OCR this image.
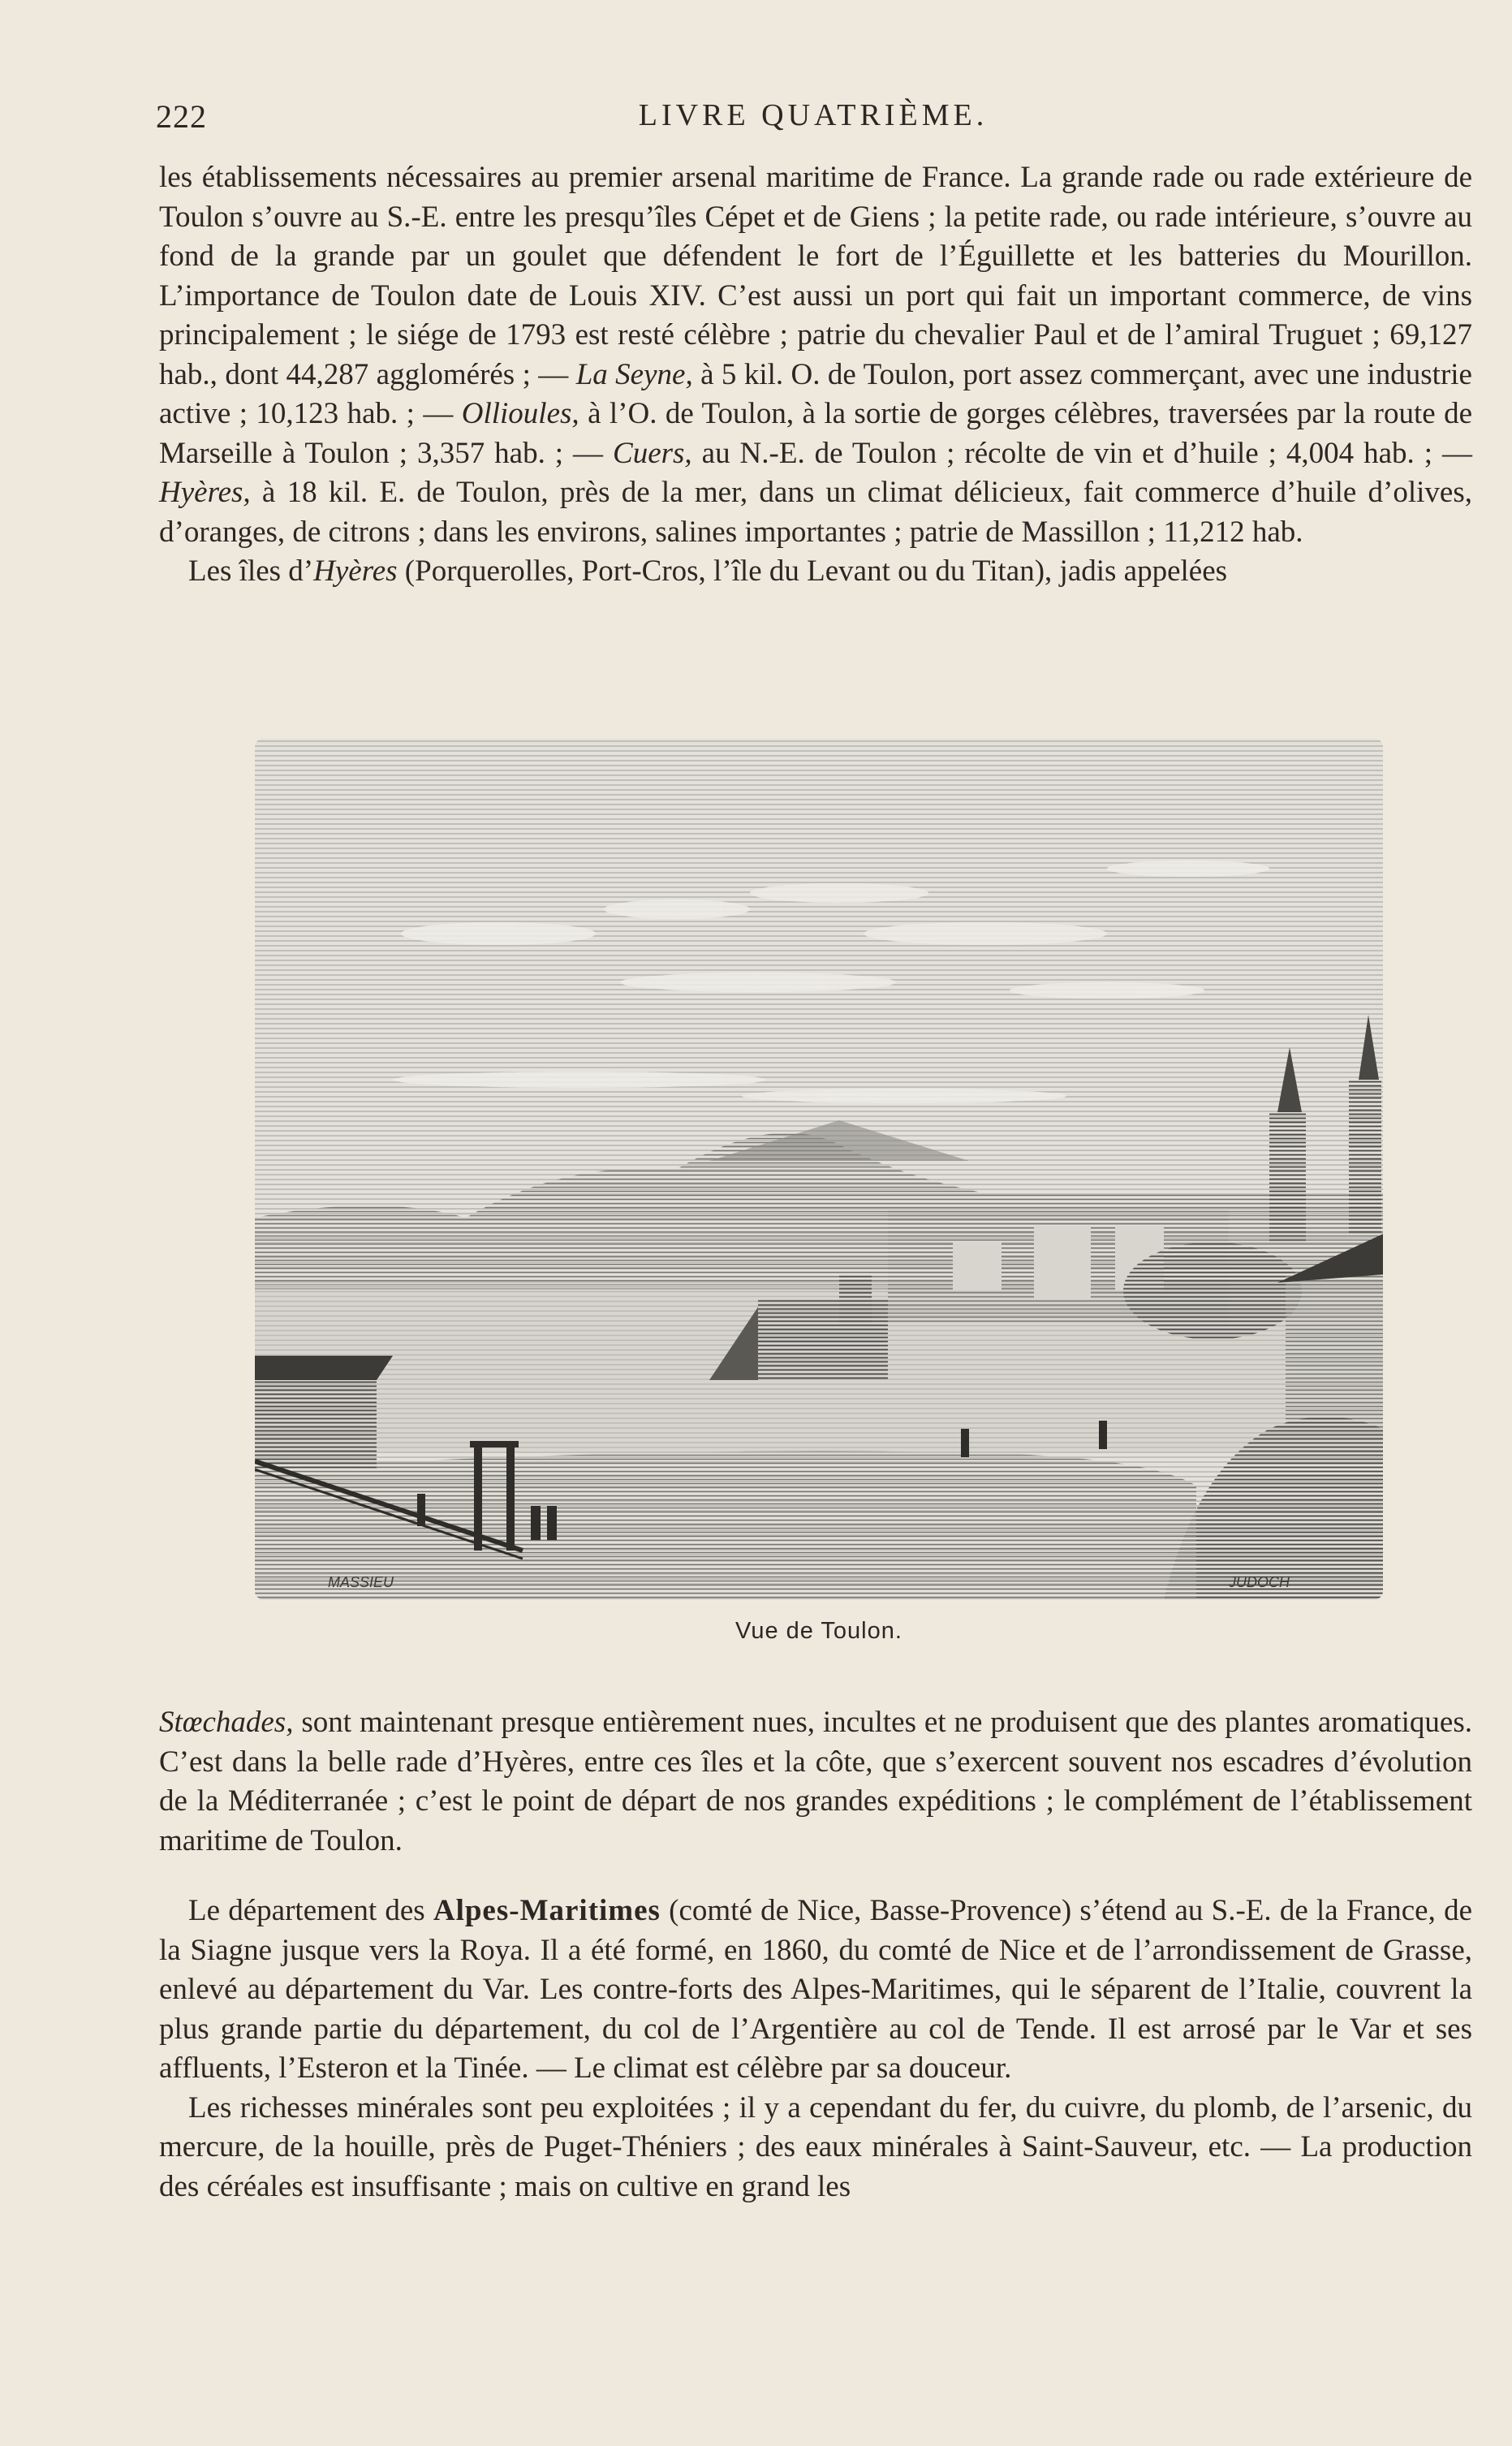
222	LIVRE QUATRIÈME.

les établissements nécessaires au premier arsenal maritime de France. La grande rade ou rade extérieure de Toulon s’ouvre au S.-E. entre les presqu’îles Cépet et de Giens ; la petite rade, ou rade intérieure, s’ouvre au fond de la grande par un goulet que défendent le fort de l’Éguillette et les batteries du Mourillon. L’importance de Toulon date de Louis XIV. C’est aussi un port qui fait un important commerce, de vins principalement ; le siége de 1793 est resté célèbre ; patrie du chevalier Paul et de l’amiral Truguet ; 69,127 hab., dont 44,287 agglomérés ; — La Seyne, à 5 kil. O. de Toulon, port assez commerçant, avec une industrie active ; 10,123 hab. ; — Ollioules, à l’O. de Toulon, à la sortie de gorges célèbres, traversées par la route de Marseille à Toulon ; 3,357 hab. ; — Cuers, au N.-E. de Toulon ; récolte de vin et d’huile ; 4,004 hab. ; — Hyères, à 18 kil. E. de Toulon, près de la mer, dans un climat délicieux, fait commerce d’huile d’olives, d’oranges, de citrons ; dans les environs, salines importantes ; patrie de Massillon ; 11,212 hab.

Les îles d’Hyères (Porquerolles, Port-Cros, l’île du Levant ou du Titan), jadis appelées

MASSIEU	JUDOCH
Vue de Toulon.

Stœchades, sont maintenant presque entièrement nues, incultes et ne produisent que des plantes aromatiques. C’est dans la belle rade d’Hyères, entre ces îles et la côte, que s’exercent souvent nos escadres d’évolution de la Méditerranée ; c’est le point de départ de nos grandes expéditions ; le complément de l’établissement maritime de Toulon.

Le département des Alpes-Maritimes (comté de Nice, Basse-Provence) s’étend au S.-E. de la France, de la Siagne jusque vers la Roya. Il a été formé, en 1860, du comté de Nice et de l’arrondissement de Grasse, enlevé au département du Var. Les contre-forts des Alpes-Maritimes, qui le séparent de l’Italie, couvrent la plus grande partie du département, du col de l’Argentière au col de Tende. Il est arrosé par le Var et ses affluents, l’Esteron et la Tinée. — Le climat est célèbre par sa douceur.

Les richesses minérales sont peu exploitées ; il y a cependant du fer, du cuivre, du plomb, de l’arsenic, du mercure, de la houille, près de Puget-Théniers ; des eaux minérales à Saint-Sauveur, etc. — La production des céréales est insuffisante ; mais on cultive en grand les
